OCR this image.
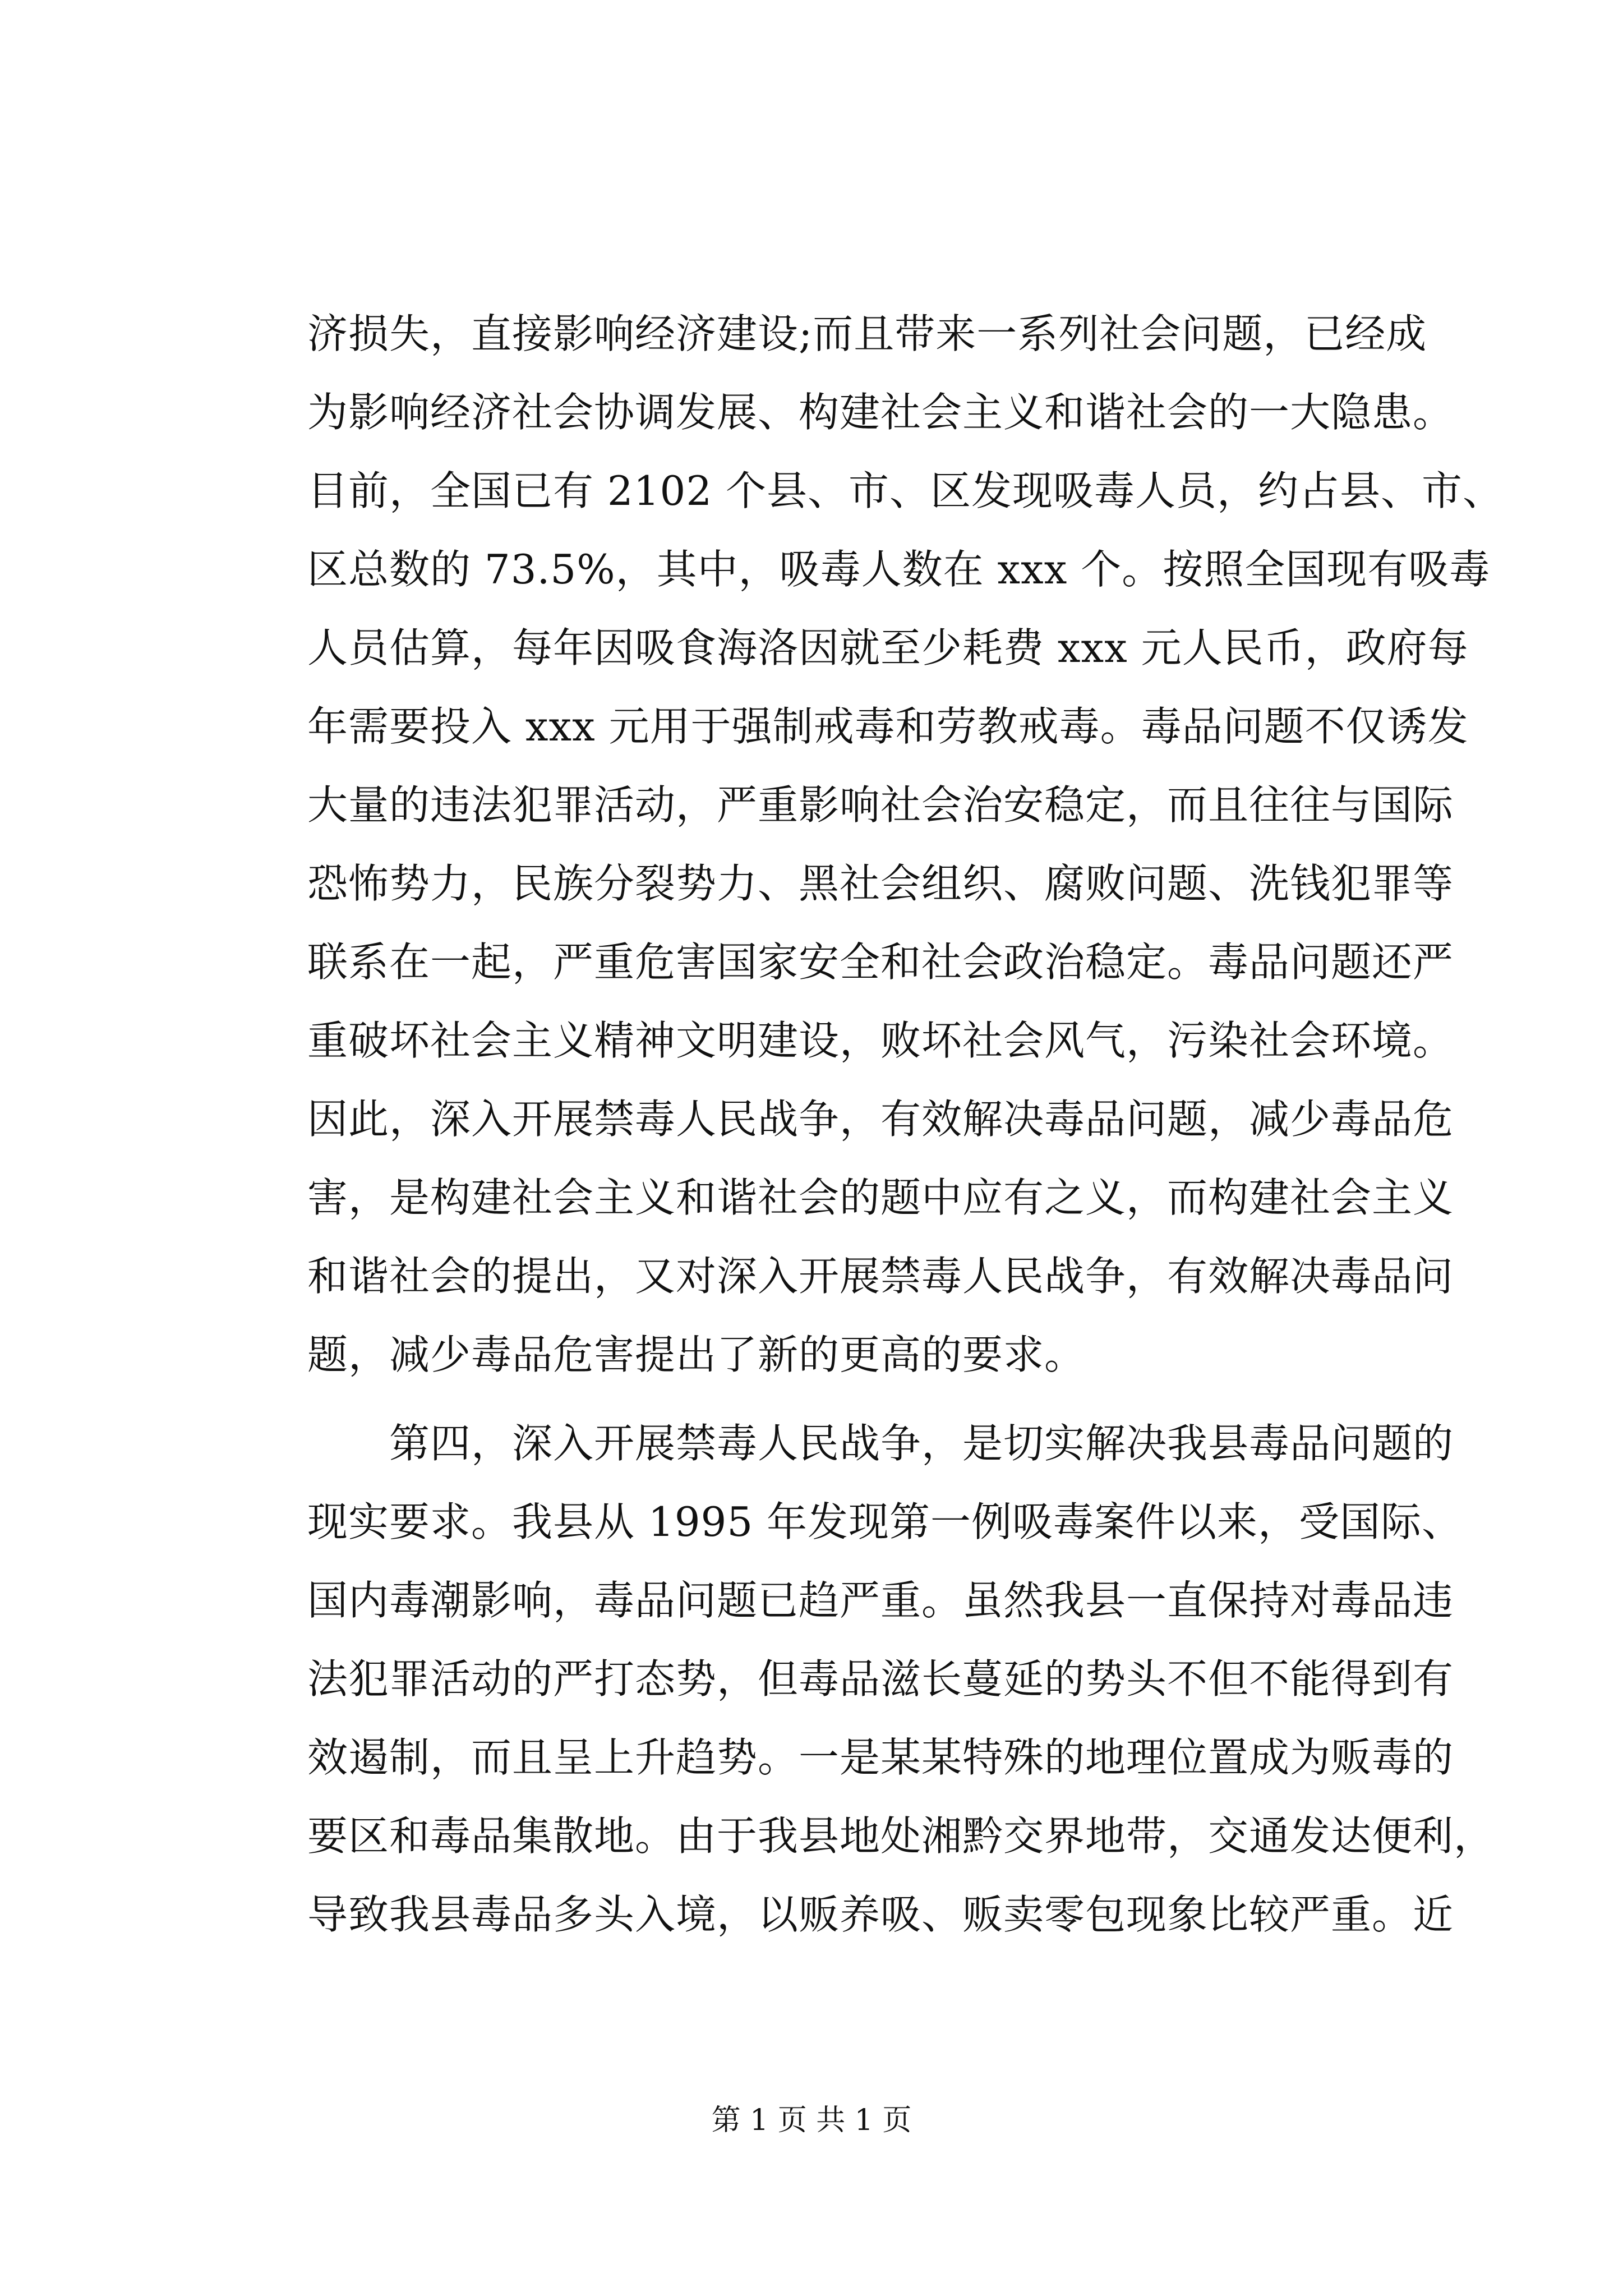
济损失，直接影响经济建设;而且带来一系列社会问题，已经成
为影响经济社会协调发展、构建社会主义和谐社会的一大隐患。
目前，全国已有 2102 个县、市、区发现吸毒人员，约占县、市、
区总数的 73.5%，其中，吸毒人数在 xxx 个。按照全国现有吸毒
人员估算，每年因吸食海洛因就至少耗费 xxx 元人民币，政府每
年需要投入 xxx 元用于强制戒毒和劳教戒毒。毒品问题不仅诱发
大量的违法犯罪活动，严重影响社会治安稳定，而且往往与国际
恐怖势力，民族分裂势力、黑社会组织、腐败问题、洗钱犯罪等
联系在一起，严重危害国家安全和社会政治稳定。毒品问题还严
重破坏社会主义精神文明建设，败坏社会风气，污染社会环境。
因此，深入开展禁毒人民战争，有效解决毒品问题，减少毒品危
害，是构建社会主义和谐社会的题中应有之义，而构建社会主义
和谐社会的提出，又对深入开展禁毒人民战争，有效解决毒品问
题，减少毒品危害提出了新的更高的要求。
　　第四，深入开展禁毒人民战争，是切实解决我县毒品问题的
现实要求。我县从 1995 年发现第一例吸毒案件以来，受国际、
国内毒潮影响，毒品问题已趋严重。虽然我县一直保持对毒品违
法犯罪活动的严打态势，但毒品滋长蔓延的势头不但不能得到有
效遏制，而且呈上升趋势。一是某某特殊的地理位置成为贩毒的
要区和毒品集散地。由于我县地处湘黔交界地带，交通发达便利，
导致我县毒品多头入境，以贩养吸、贩卖零包现象比较严重。近
第 1 页 共 1 页
